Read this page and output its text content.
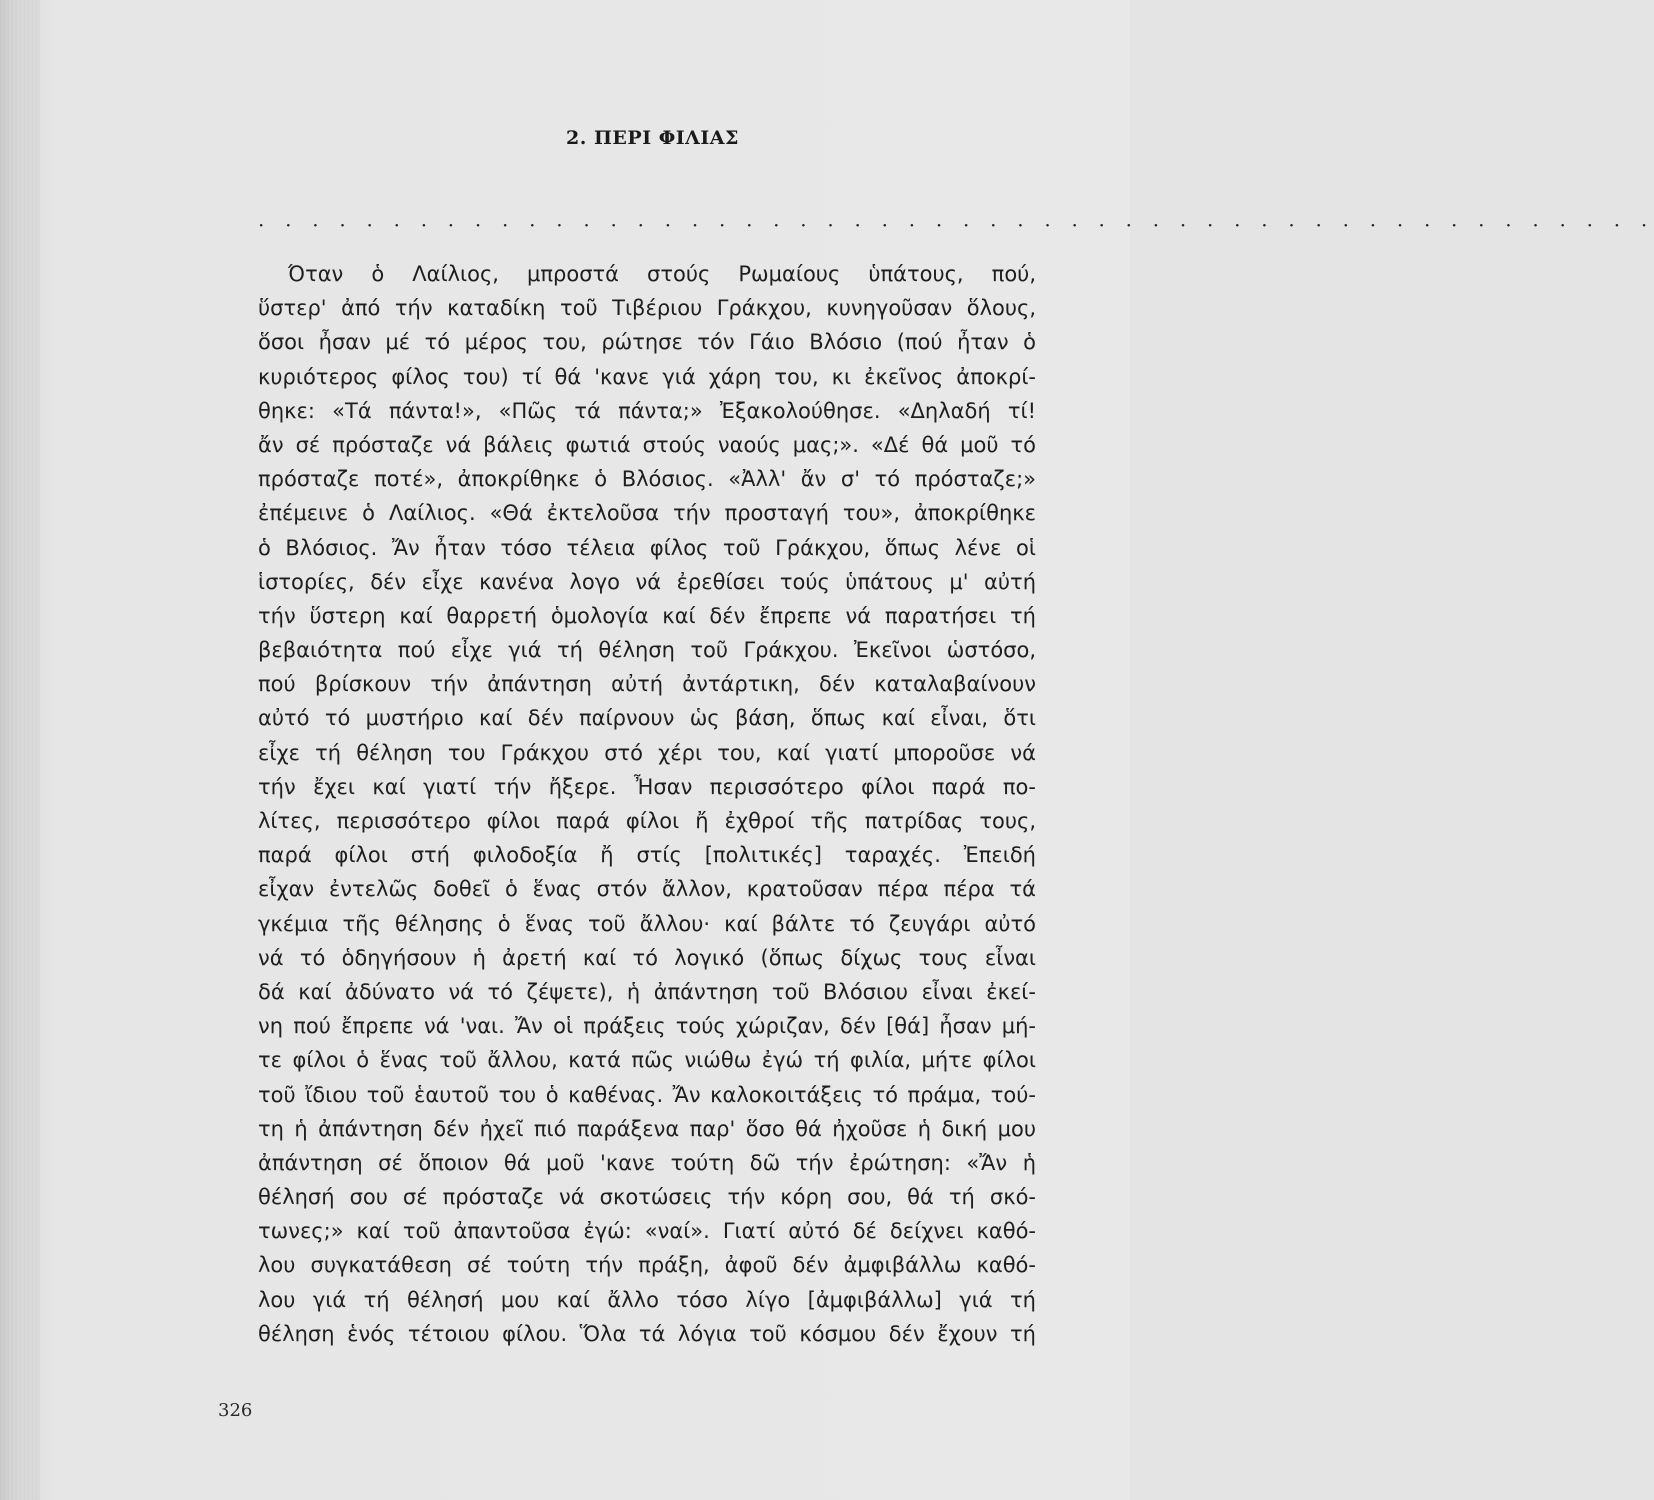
2. ΠΕΡΙ ΦΙΛΙΑΣ
· · · · · · · · · · · · · · · · · · · · · · · · · · · · · · · · · · · · · · · · · · · · · · · · · · · ·
Όταν ὁ Λαίλιος, μπροστά στούς Ρωμαίους ὑπάτους, πού,
ὕστερ' ἀπό τήν καταδίκη τοῦ Τιβέριου Γράκχου, κυνηγοῦσαν ὅλους,
ὅσοι ἦσαν μέ τό μέρος του, ρώτησε τόν Γάιο Βλόσιο (πού ἦταν ὁ
κυριότερος φίλος του) τί θά 'κανε γιά χάρη του, κι ἐκεῖνος ἀποκρί-
θηκε: «Τά πάντα!», «Πῶς τά πάντα;» Ἐξακολούθησε. «Δηλαδή τί!
ἄν σέ πρόσταζε νά βάλεις φωτιά στούς ναούς μας;». «Δέ θά μοῦ τό
πρόσταζε ποτέ», ἀποκρίθηκε ὁ Βλόσιος. «Ἀλλ' ἄν σ' τό πρόσταζε;»
ἐπέμεινε ὁ Λαίλιος. «Θά ἐκτελοῦσα τήν προσταγή του», ἀποκρίθηκε
ὁ Βλόσιος. Ἄν ἦταν τόσο τέλεια φίλος τοῦ Γράκχου, ὅπως λένε οἱ
ἱστορίες, δέν εἶχε κανένα λογο νά ἐρεθίσει τούς ὑπάτους μ' αὐτή
τήν ὕστερη καί θαρρετή ὁμολογία καί δέν ἔπρεπε νά παρατήσει τή
βεβαιότητα πού εἶχε γιά τή θέληση τοῦ Γράκχου. Ἐκεῖνοι ὡστόσο,
πού βρίσκουν τήν ἀπάντηση αὐτή ἀντάρτικη, δέν καταλαβαίνουν
αὐτό τό μυστήριο καί δέν παίρνουν ὡς βάση, ὅπως καί εἶναι, ὅτι
εἶχε τή θέληση του Γράκχου στό χέρι του, καί γιατί μποροῦσε νά
τήν ἔχει καί γιατί τήν ἤξερε. Ἦσαν περισσότερο φίλοι παρά πο-
λίτες, περισσότερο φίλοι παρά φίλοι ἤ ἐχθροί τῆς πατρίδας τους,
παρά φίλοι στή φιλοδοξία ἤ στίς [πολιτικές] ταραχές. Ἐπειδή
εἶχαν ἐντελῶς δοθεῖ ὁ ἕνας στόν ἄλλον, κρατοῦσαν πέρα πέρα τά
γκέμια τῆς θέλησης ὁ ἕνας τοῦ ἄλλου· καί βάλτε τό ζευγάρι αὐτό
νά τό ὁδηγήσουν ἡ ἀρετή καί τό λογικό (ὅπως δίχως τους εἶναι
δά καί ἀδύνατο νά τό ζέψετε), ἡ ἀπάντηση τοῦ Βλόσιου εἶναι ἐκεί-
νη πού ἔπρεπε νά 'ναι. Ἄν οἱ πράξεις τούς χώριζαν, δέν [θά] ἦσαν μή-
τε φίλοι ὁ ἕνας τοῦ ἄλλου, κατά πῶς νιώθω ἐγώ τή φιλία, μήτε φίλοι
τοῦ ἴδιου τοῦ ἑαυτοῦ του ὁ καθένας. Ἄν καλοκοιτάξεις τό πράμα, τού-
τη ἡ ἀπάντηση δέν ἠχεῖ πιό παράξενα παρ' ὅσο θά ἠχοῦσε ἡ δική μου
ἀπάντηση σέ ὅποιον θά μοῦ 'κανε τούτη δῶ τήν ἐρώτηση: «Ἄν ἡ
θέλησή σου σέ πρόσταζε νά σκοτώσεις τήν κόρη σου, θά τή σκό-
τωνες;» καί τοῦ ἀπαντοῦσα ἐγώ: «ναί». Γιατί αὐτό δέ δείχνει καθό-
λου συγκατάθεση σέ τούτη τήν πράξη, ἀφοῦ δέν ἀμφιβάλλω καθό-
λου γιά τή θέλησή μου καί ἄλλο τόσο λίγο [ἀμφιβάλλω] γιά τή
θέληση ἑνός τέτοιου φίλου. Ὅλα τά λόγια τοῦ κόσμου δέν ἔχουν τή
326
